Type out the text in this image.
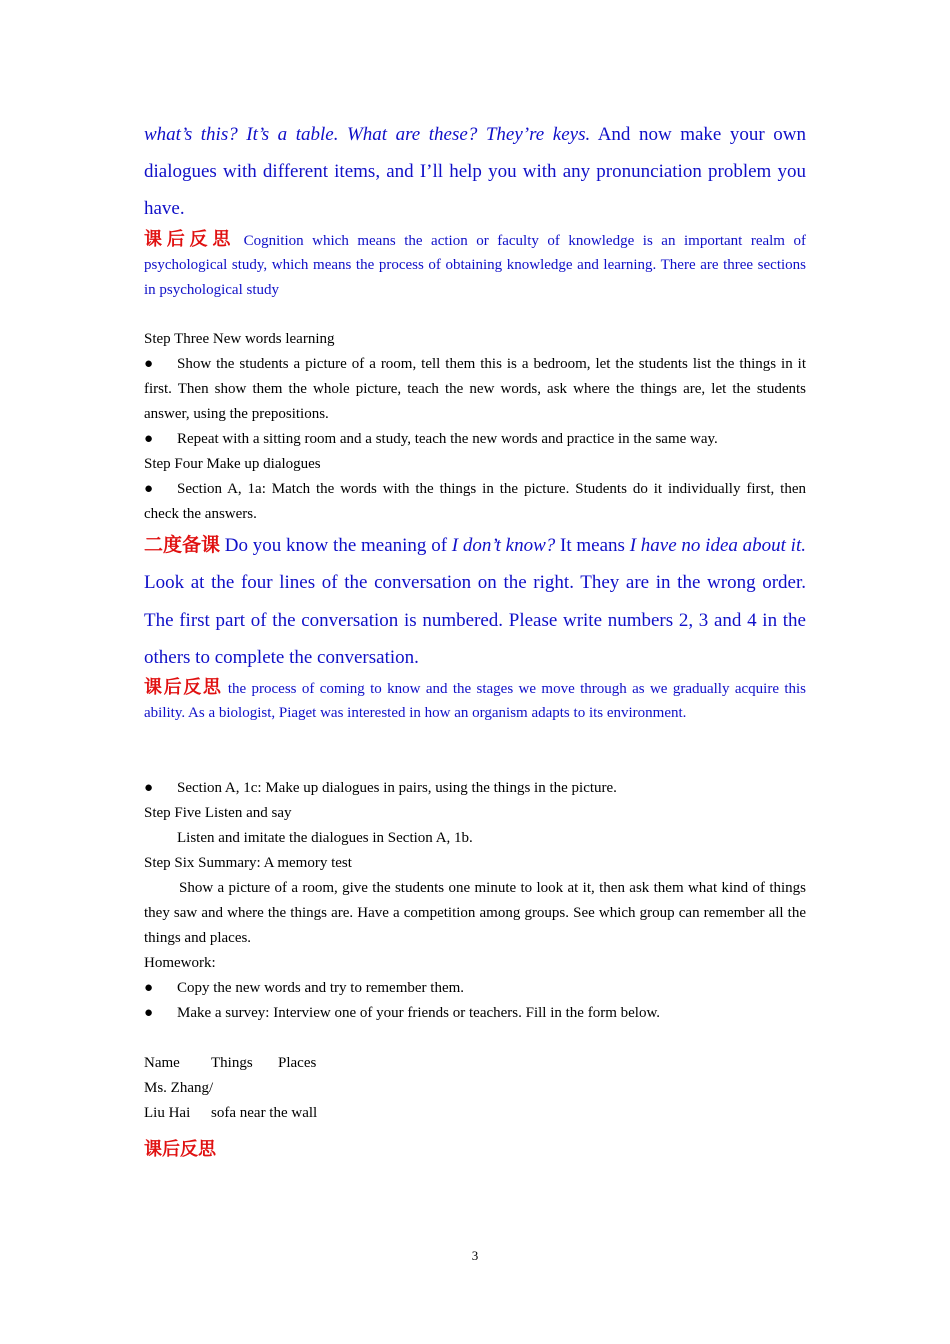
what’s this? It’s a table. What are these? They’re keys. And now make your own dialogues with different items, and I’ll help you with any pronunciation problem you have.

课后反思 Cognition which means the action or faculty of knowledge is an important realm of psychological study, which means the process of obtaining knowledge and learning. There are three sections in psychological study

Step Three New words learning

● Show the students a picture of a room, tell them this is a bedroom, let the students list the things in it first. Then show them the whole picture, teach the new words, ask where the things are, let the students answer, using the prepositions.

● Repeat with a sitting room and a study, teach the new words and practice in the same way.

Step Four Make up dialogues

● Section A, 1a: Match the words with the things in the picture. Students do it individually first, then check the answers.

二度备课 Do you know the meaning of I don’t know? It means I have no idea about it. Look at the four lines of the conversation on the right. They are in the wrong order. The first part of the conversation is numbered. Please write numbers 2, 3 and 4 in the others to complete the conversation.

课后反思 the process of coming to know and the stages we move through as we gradually acquire this ability. As a biologist, Piaget was interested in how an organism adapts to its environment.

● Section A, 1c: Make up dialogues in pairs, using the things in the picture.

Step Five Listen and say

Listen and imitate the dialogues in Section A, 1b.

Step Six Summary: A memory test

Show a picture of a room, give the students one minute to look at it, then ask them what kind of things they saw and where the things are. Have a competition among groups. See which group can remember all the things and places.

Homework:

● Copy the new words and try to remember them.

● Make a survey: Interview one of your friends or teachers. Fill in the form below.

Name Things Places

Ms. Zhang/

Liu Hai sofa near the wall

课后反思

3
